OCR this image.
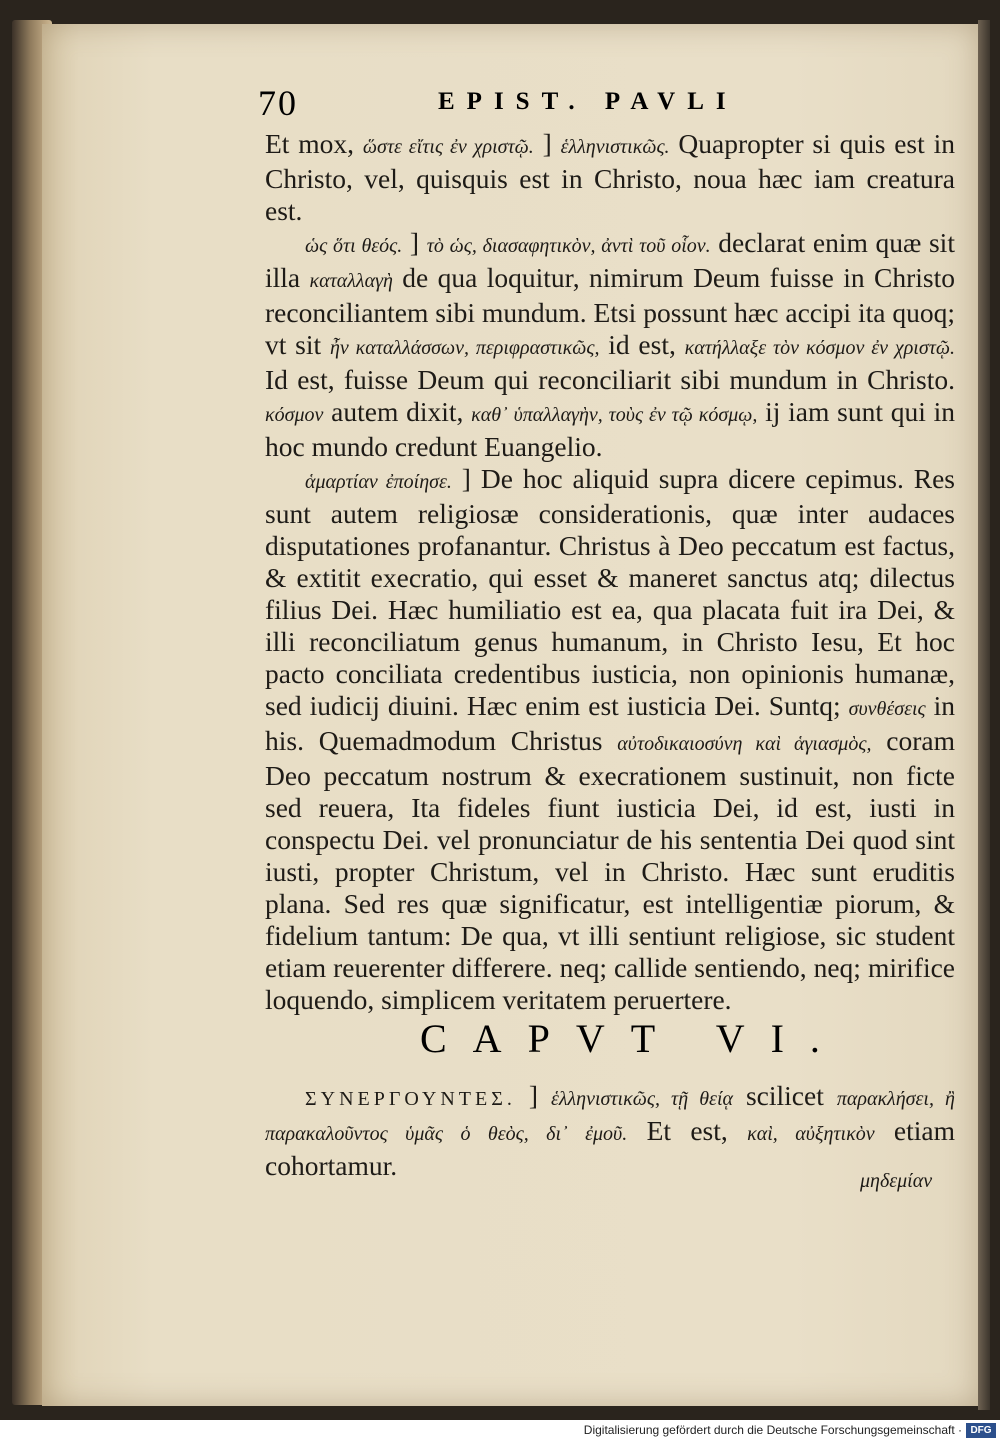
70	EPIST. PAVLI

Et mox, ὥστε εἴτις ἐν χριστῷ. ] ἑλληνιστικῶς. Quapropter si quis est in Christo, vel, quisquis est in Christo, noua hæc iam creatura est.

ὡς ὅτι θεός. ] τὸ ὡς, διασαφητικὸν, ἀντὶ τοῦ οἷον. declarat enim quæ sit illa καταλλαγὴ de qua loquitur, nimirum Deum fuisse in Christo reconciliantem sibi mundum. Etsi possunt hæc accipi ita quoq; vt sit ἦν καταλλάσσων, περιφραστικῶς, id est, κατήλλαξε τὸν κόσμον ἐν χριστῷ. Id est, fuisse Deum qui reconciliarit sibi mundum in Christo. κόσμον autem dixit, καθ᾽ ὑπαλλαγὴν, τοὺς ἐν τῷ κόσμῳ, ij iam sunt qui in hoc mundo credunt Euangelio.

ἁμαρτίαν ἐποίησε. ] De hoc aliquid supra dicere cepimus. Res sunt autem religiosæ considerationis, quæ inter audaces disputationes profanantur. Christus à Deo peccatum est factus, & extitit execratio, qui esset & maneret sanctus atq; dilectus filius Dei. Hæc humiliatio est ea, qua placata fuit ira Dei, & illi reconciliatum genus humanum, in Christo Iesu, Et hoc pacto conciliata credentibus iusticia, non opinionis humanæ, sed iudicij diuini. Hæc enim est iusticia Dei. Suntq; συνθέσεις in his. Quemadmodum Christus αὐτοδικαιοσύνη καὶ ἁγιασμὸς, coram Deo peccatum nostrum & execrationem sustinuit, non ficte sed reuera, Ita fideles fiunt iusticia Dei, id est, iusti in conspectu Dei. vel pronunciatur de his sententia Dei quod sint iusti, propter Christum, vel in Christo. Hæc sunt eruditis plana. Sed res quæ significatur, est intelligentiæ piorum, & fidelium tantum: De qua, vt illi sentiunt religiose, sic student etiam reuerenter differere. neq; callide sentiendo, neq; mirifice loquendo, simplicem veritatem peruertere.

CAPVT VI.

ΣΥΝΕΡΓΟΥΝΤΕΣ. ] ἑλληνιστικῶς, τῇ θείᾳ scilicet παρακλήσει, ἢ παρακαλοῦντος ὑμᾶς ὁ θεὸς, δι᾽ ἐμοῦ. Et est, καὶ, αὐξητικὸν etiam cohortamur.	μηδεμίαν
Digitalisierung gefördert durch die Deutsche Forschungsgemeinschaft · DFG
